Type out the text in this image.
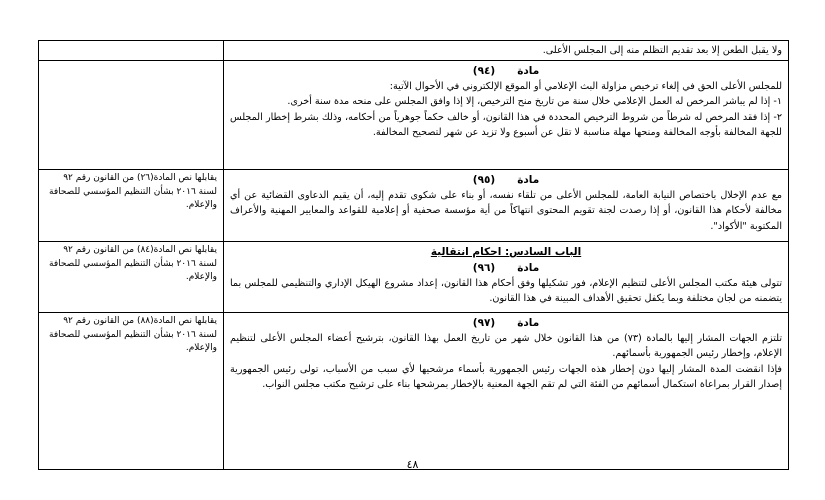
ولا يقبل الطعن إلا بعد تقديم التظلم منه إلى المجلس الأعلى.	

مادة(٩٤)

للمجلس الأعلى الحق في إلغاء ترخيص مزاولة البث الإعلامي أو الموقع الإلكتروني في الأحوال الآتية:

١- إذا لم يباشر المرخص له العمل الإعلامي خلال سنة من تاريخ منح الترخيص، إلا إذا وافق المجلس على منحه مدة سنة أخرى.

٢- إذا فقد المرخص له شرطاً من شروط الترخيص المحددة في هذا القانون، أو خالف حكماً جوهرياً من أحكامه، وذلك بشرط إخطار المجلس للجهة المخالفة بأوجه المخالفة ومنحها مهلة مناسبة لا تقل عن أسبوع ولا تزيد عن شهر لتصحيح المخالفة.	

مادة(٩٥)

مع عدم الإخلال باختصاص النيابة العامة، للمجلس الأعلى من تلقاء نفسه، أو بناء على شكوى تقدم إليه، أن يقيم الدعاوى القضائية عن أي مخالفة لأحكام هذا القانون، أو إذا رصدت لجنة تقويم المحتوى انتهاكاً من أية مؤسسة صحفية أو إعلامية للقواعد والمعايير المهنية والأعراف المكتوبة "الأكواد".	يقابلها نص المادة(٢٦) من القانون رقم ٩٢ لسنة ٢٠١٦ بشأن التنظيم المؤسسي للصحافة والإعلام.

الباب السادس: احكام انتقالية
مادة(٩٦)

تتولى هيئة مكتب المجلس الأعلى لتنظيم الإعلام، فور تشكيلها وفق أحكام هذا القانون، إعداد مشروع الهيكل الإداري والتنظيمي للمجلس بما يتضمنه من لجان مختلفة وبما يكفل تحقيق الأهداف المبينة في هذا القانون.	يقابلها نص المادة(٨٤) من القانون رقم ٩٢ لسنة ٢٠١٦ بشأن التنظيم المؤسسي للصحافة والإعلام.

مادة(٩٧)

تلتزم الجهات المشار إليها بالمادة (٧٣) من هذا القانون خلال شهر من تاريخ العمل بهذا القانون، بترشيح أعضاء المجلس الأعلى لتنظيم الإعلام، وإخطار رئيس الجمهورية بأسمائهم.

فإذا انقضت المدة المشار إليها دون إخطار هذه الجهات رئيس الجمهورية بأسماء مرشحيها لأي سبب من الأسباب، تولى رئيس الجمهورية إصدار القرار بمراعاة استكمال أسمائهم من الفئة التي لم تقم الجهة المعنية بالإخطار بمرشحها بناء على ترشيح مكتب مجلس النواب.	يقابلها نص المادة(٨٨) من القانون رقم ٩٢ لسنة ٢٠١٦ بشأن التنظيم المؤسسي للصحافة والإعلام.
٤٨
